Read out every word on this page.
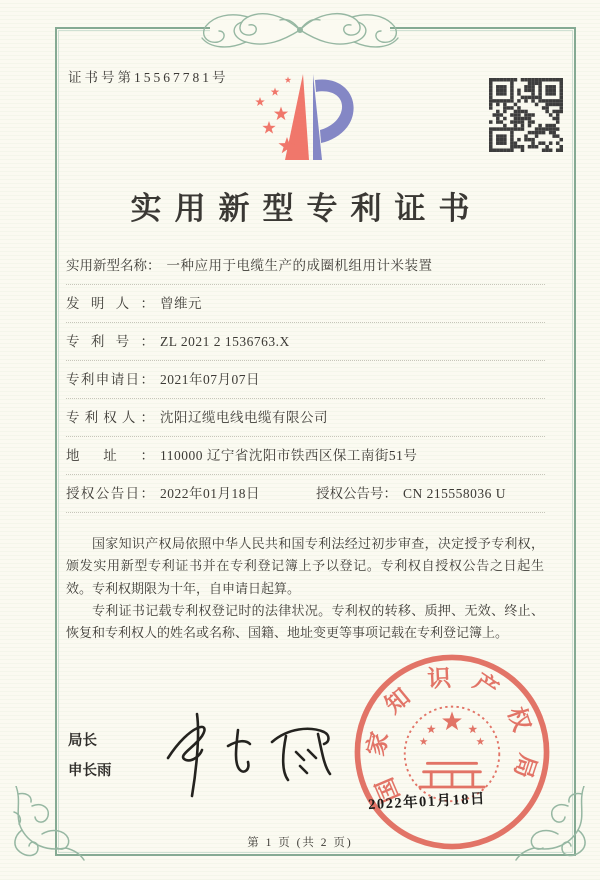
证书号第15567781号
实用新型专利证书
实用新型名称： 一种应用于电缆生产的成圈机组用计米装置
发明人： 曾维元
专利号： ZL 2021 2 1536763.X
专利申请日： 2021年07月07日
专利权人： 沈阳辽缆电线电缆有限公司
地址： 110000 辽宁省沈阳市铁西区保工南街51号
授权公告日： 2022年01月18日	授权公告号： CN 215558036 U

国家知识产权局依照中华人民共和国专利法经过初步审查，决定授予专利权，颁发实用新型专利证书并在专利登记簿上予以登记。专利权自授权公告之日起生效。专利权期限为十年，自申请日起算。

专利证书记载专利权登记时的法律状况。专利权的转移、质押、无效、终止、恢复和专利权人的姓名或名称、国籍、地址变更等事项记载在专利登记簿上。

局长
申长雨	国家知识产权局
2022年01月18日
第 1 页 (共 2 页)
